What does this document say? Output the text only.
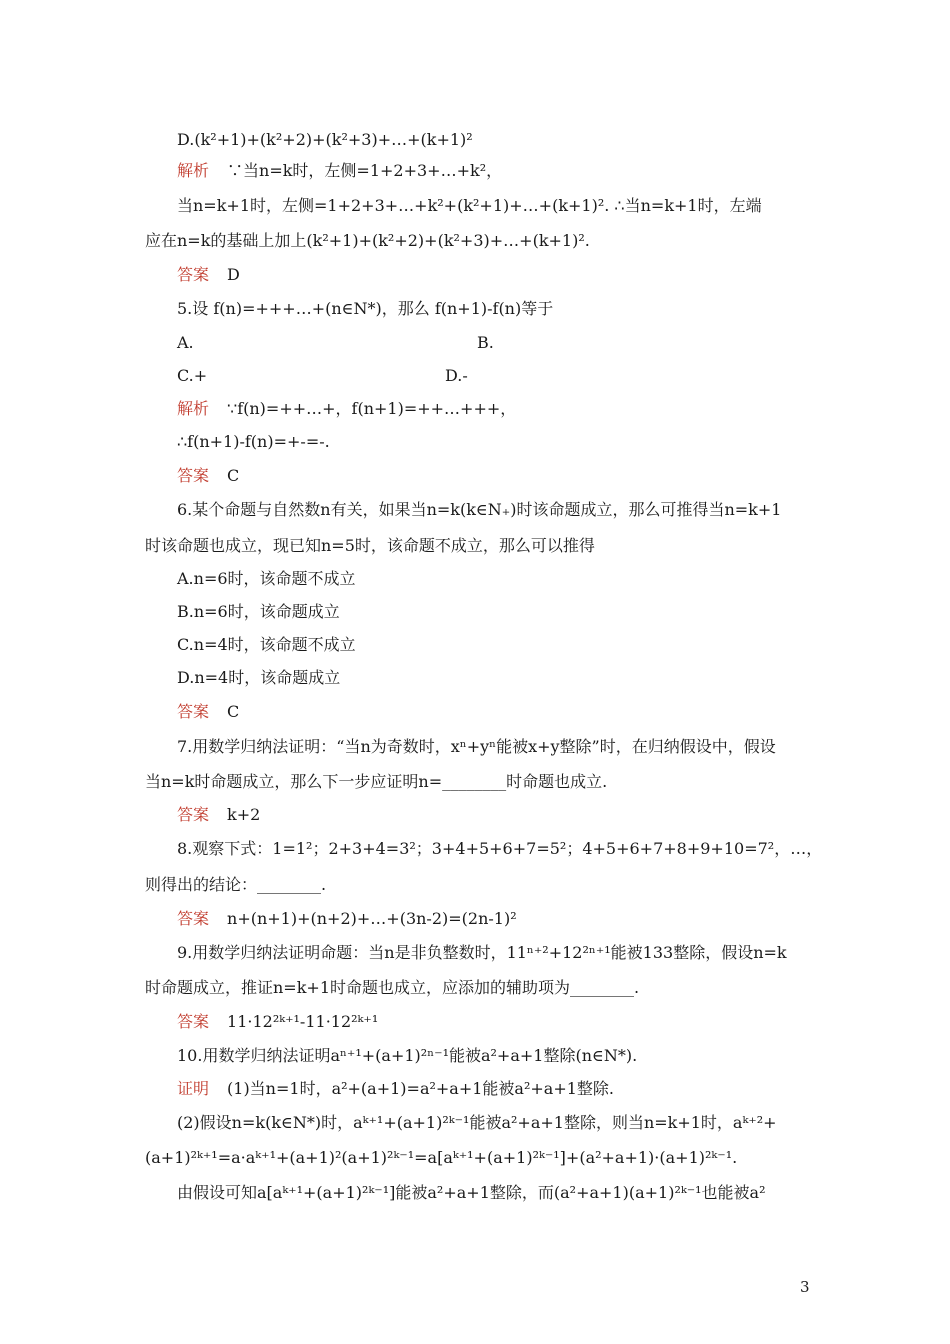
D.(k²+1)+(k²+2)+(k²+3)+…+(k+1)²
解析 ∵当n=k时，左侧=1+2+3+…+k²，
当n=k+1时，左侧=1+2+3+…+k²+(k²+1)+…+(k+1)². ∴当n=k+1时，左端
应在n=k的基础上加上(k²+1)+(k²+2)+(k²+3)+…+(k+1)².
答案 D
5.设 f(n)=+++…+(n∈N*)，那么 f(n+1)-f(n)等于
A.	B.
C.+	D.-
解析 ∵f(n)=++…+，f(n+1)=++…+++，
∴f(n+1)-f(n)=+-=-.
答案 C
6.某个命题与自然数n有关，如果当n=k(k∈N₊)时该命题成立，那么可推得当n=k+1
时该命题也成立，现已知n=5时，该命题不成立，那么可以推得
A.n=6时，该命题不成立
B.n=6时，该命题成立
C.n=4时，该命题不成立
D.n=4时，该命题成立
答案 C
7.用数学归纳法证明：“当n为奇数时，xⁿ+yⁿ能被x+y整除”时，在归纳假设中，假设
当n=k时命题成立，那么下一步应证明n=________时命题也成立.
答案 k+2
8.观察下式：1=1²；2+3+4=3²；3+4+5+6+7=5²；4+5+6+7+8+9+10=7²，…，
则得出的结论：________.
答案 n+(n+1)+(n+2)+…+(3n-2)=(2n-1)²
9.用数学归纳法证明命题：当n是非负整数时，11ⁿ⁺²+12²ⁿ⁺¹能被133整除，假设n=k
时命题成立，推证n=k+1时命题也成立，应添加的辅助项为________.
答案 11·12²ᵏ⁺¹-11·12²ᵏ⁺¹
10.用数学归纳法证明aⁿ⁺¹+(a+1)²ⁿ⁻¹能被a²+a+1整除(n∈N*).
证明 (1)当n=1时，a²+(a+1)=a²+a+1能被a²+a+1整除.
(2)假设n=k(k∈N*)时，aᵏ⁺¹+(a+1)²ᵏ⁻¹能被a²+a+1整除，则当n=k+1时，aᵏ⁺²+
(a+1)²ᵏ⁺¹=a·aᵏ⁺¹+(a+1)²(a+1)²ᵏ⁻¹=a[aᵏ⁺¹+(a+1)²ᵏ⁻¹]+(a²+a+1)·(a+1)²ᵏ⁻¹.
由假设可知a[aᵏ⁺¹+(a+1)²ᵏ⁻¹]能被a²+a+1整除，而(a²+a+1)(a+1)²ᵏ⁻¹也能被a²
3
